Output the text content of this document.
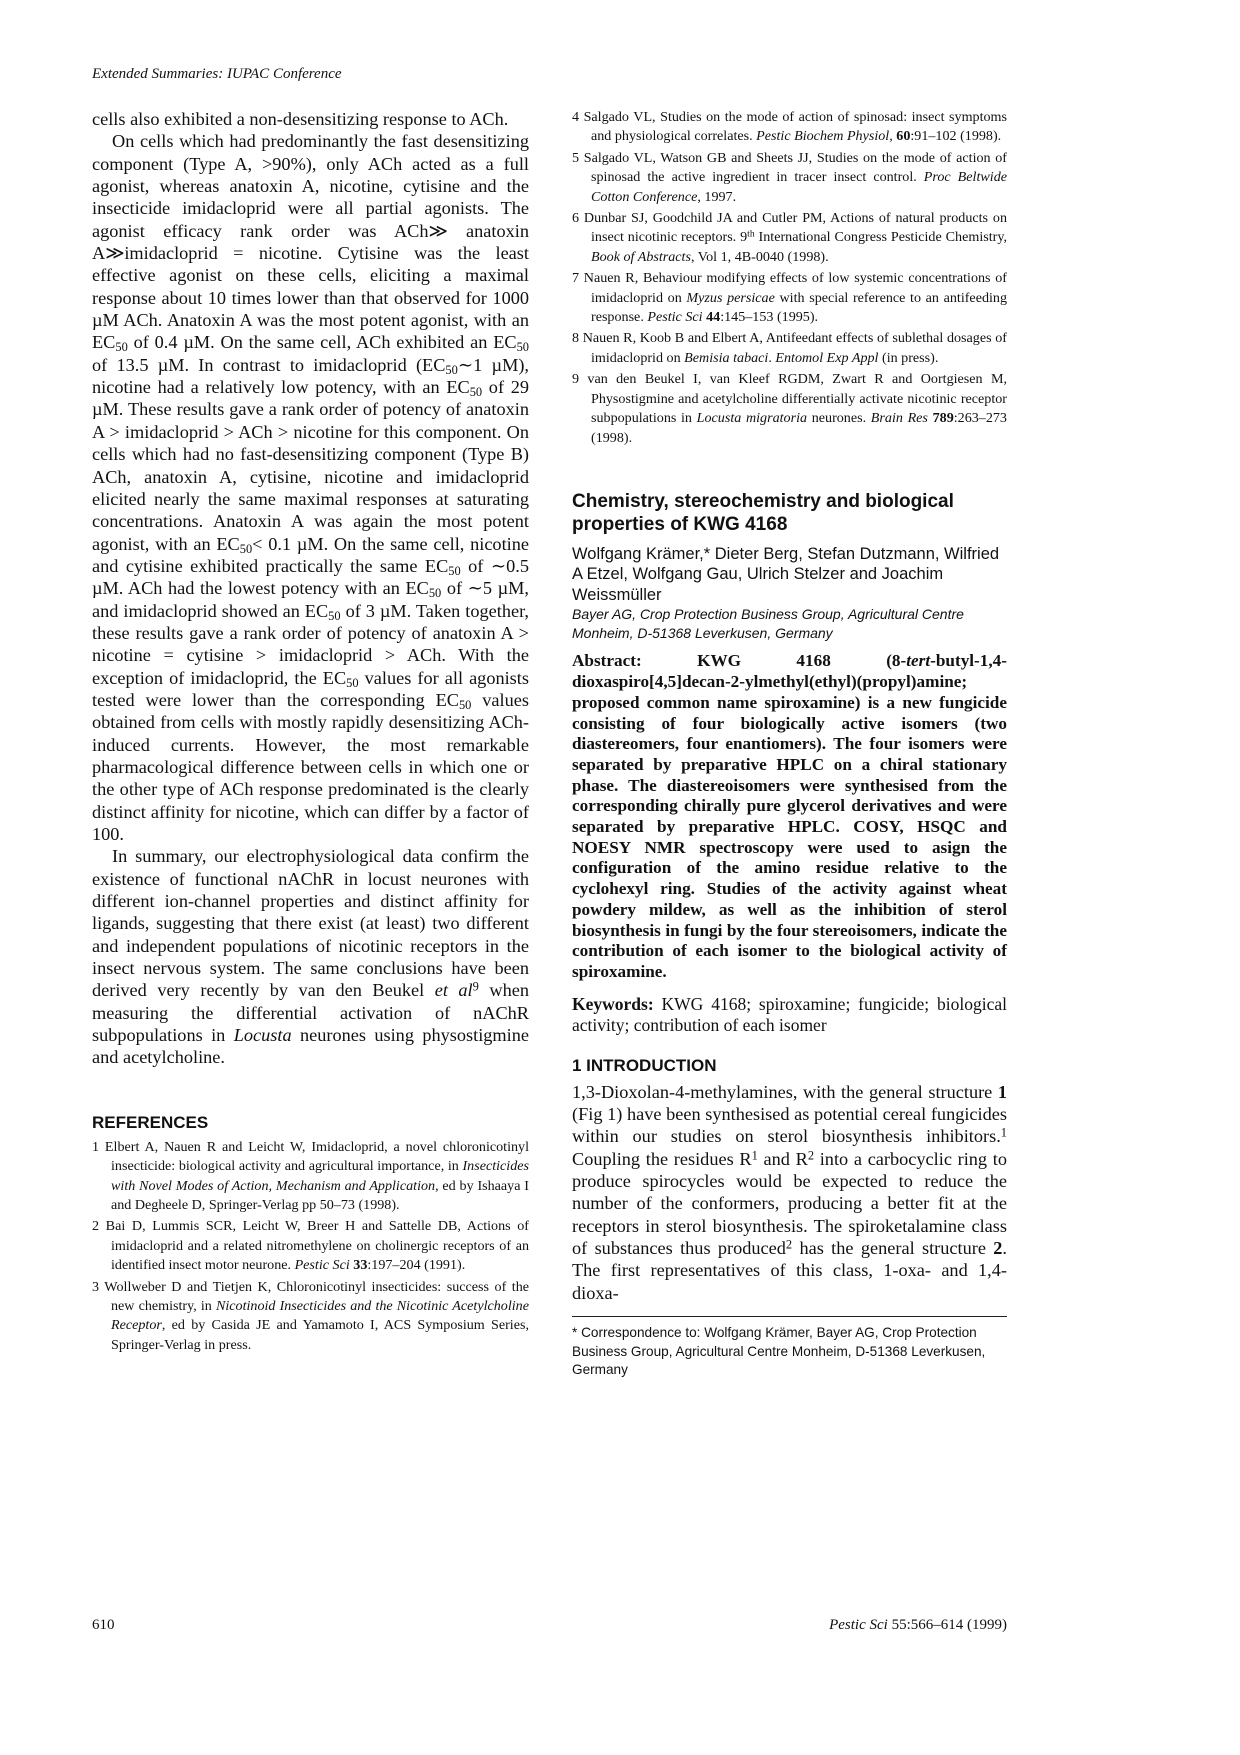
Extended Summaries: IUPAC Conference

cells also exhibited a non-desensitizing response to ACh.

On cells which had predominantly the fast desensitizing component (Type A, >90%), only ACh acted as a full agonist, whereas anatoxin A, nicotine, cytisine and the insecticide imidacloprid were all partial agonists. The agonist efficacy rank order was ACh≫ anatoxin A≫imidacloprid = nicotine. Cytisine was the least effective agonist on these cells, eliciting a maximal response about 10 times lower than that observed for 1000 µM ACh. Anatoxin A was the most potent agonist, with an $EC_{50}$ of 0.4 µM. On the same cell, ACh exhibited an $EC_{50}$ of 13.5 µM. In contrast to imidacloprid ($EC_{50}\sim 1$ µM), nicotine had a relatively low potency, with an $EC_{50}$ of 29 µM. These results gave a rank order of potency of anatoxin A > imidacloprid > ACh > nicotine for this component. On cells which had no fast-desensitizing component (Type B) ACh, anatoxin A, cytisine, nicotine and imidacloprid elicited nearly the same maximal responses at saturating concentrations. Anatoxin A was again the most potent agonist, with an $EC_{50}< 0.1$ µM. On the same cell, nicotine and cytisine exhibited practically the same $EC_{50}$ of ∼0.5 µM. ACh had the lowest potency with an $EC_{50}$ of ∼5 µM, and imidacloprid showed an $EC_{50}$ of 3 µM. Taken together, these results gave a rank order of potency of anatoxin A > nicotine = cytisine > imidacloprid > ACh. With the exception of imidacloprid, the $EC_{50}$ values for all agonists tested were lower than the corresponding $EC_{50}$ values obtained from cells with mostly rapidly desensitizing ACh-induced currents. However, the most remarkable pharmacological difference between cells in which one or the other type of ACh response predominated is the clearly distinct affinity for nicotine, which can differ by a factor of 100.

In summary, our electrophysiological data confirm the existence of functional nAChR in locust neurones with different ion-channel properties and distinct affinity for ligands, suggesting that there exist (at least) two different and independent populations of nicotinic receptors in the insect nervous system. The same conclusions have been derived very recently by van den Beukel et $al^9$ when measuring the differential activation of nAChR subpopulations in Locusta neurones using physostigmine and acetylcholine.

REFERENCES
1 Elbert A, Nauen R and Leicht W, Imidacloprid, a novel chloronicotinyl insecticide: biological activity and agricultural importance, in Insecticides with Novel Modes of Action, Mechanism and Application, ed by Ishaaya I and Degheele D, Springer-Verlag pp 50–73 (1998).
2 Bai D, Lummis SCR, Leicht W, Breer H and Sattelle DB, Actions of imidacloprid and a related nitromethylene on cholinergic receptors of an identified insect motor neurone. Pestic Sci 33:197–204 (1991).
3 Wollweber D and Tietjen K, Chloronicotinyl insecticides: success of the new chemistry, in Nicotinoid Insecticides and the Nicotinic Acetylcholine Receptor, ed by Casida JE and Yamamoto I, ACS Symposium Series, Springer-Verlag in press.
4 Salgado VL, Studies on the mode of action of spinosad: insect symptoms and physiological correlates. Pestic Biochem Physiol, 60:91–102 (1998).
5 Salgado VL, Watson GB and Sheets JJ, Studies on the mode of action of spinosad the active ingredient in tracer insect control. Proc Beltwide Cotton Conference, 1997.
6 Dunbar SJ, Goodchild JA and Cutler PM, Actions of natural products on insect nicotinic receptors. 9th International Congress Pesticide Chemistry, Book of Abstracts, Vol 1, 4B-0040 (1998).
7 Nauen R, Behaviour modifying effects of low systemic concentrations of imidacloprid on Myzus persicae with special reference to an antifeeding response. Pestic Sci 44:145–153 (1995).
8 Nauen R, Koob B and Elbert A, Antifeedant effects of sublethal dosages of imidacloprid on Bemisia tabaci. Entomol Exp Appl (in press).
9 van den Beukel I, van Kleef RGDM, Zwart R and Oortgiesen M, Physostigmine and acetylcholine differentially activate nicotinic receptor subpopulations in Locusta migratoria neurones. Brain Res 789:263–273 (1998).
Chemistry, stereochemistry and biological properties of KWG 4168

Wolfgang Krämer,* Dieter Berg, Stefan Dutzmann, Wilfried A Etzel, Wolfgang Gau, Ulrich Stelzer and Joachim Weissmüller

Bayer AG, Crop Protection Business Group, Agricultural Centre Monheim, D-51368 Leverkusen, Germany

Abstract: KWG 4168 (8-tert-butyl-1,4-dioxaspiro[4,5]decan-2-ylmethyl(ethyl)(propyl)amine; proposed common name spiroxamine) is a new fungicide consisting of four biologically active isomers (two diastereomers, four enantiomers). The four isomers were separated by preparative HPLC on a chiral stationary phase. The diastereoisomers were synthesised from the corresponding chirally pure glycerol derivatives and were separated by preparative HPLC. COSY, HSQC and NOESY NMR spectroscopy were used to asign the configuration of the amino residue relative to the cyclohexyl ring. Studies of the activity against wheat powdery mildew, as well as the inhibition of sterol biosynthesis in fungi by the four stereoisomers, indicate the contribution of each isomer to the biological activity of spiroxamine.

Keywords: KWG 4168; spiroxamine; fungicide; biological activity; contribution of each isomer

1 INTRODUCTION

1,3-Dioxolan-4-methylamines, with the general structure 1 (Fig 1) have been synthesised as potential cereal fungicides within our studies on sterol biosynthesis inhibitors.$^1$ Coupling the residues $R^1$ and $R^2$ into a carbocyclic ring to produce spirocycles would be expected to reduce the number of the conformers, producing a better fit at the receptors in sterol biosynthesis. The spiroketalamine class of substances thus produced$^2$ has the general structure 2. The first representatives of this class, 1-oxa- and 1,4-dioxa-

* Correspondence to: Wolfgang Krämer, Bayer AG, Crop Protection Business Group, Agricultural Centre Monheim, D-51368 Leverkusen, Germany

610	Pestic Sci 55:566–614 (1999)
